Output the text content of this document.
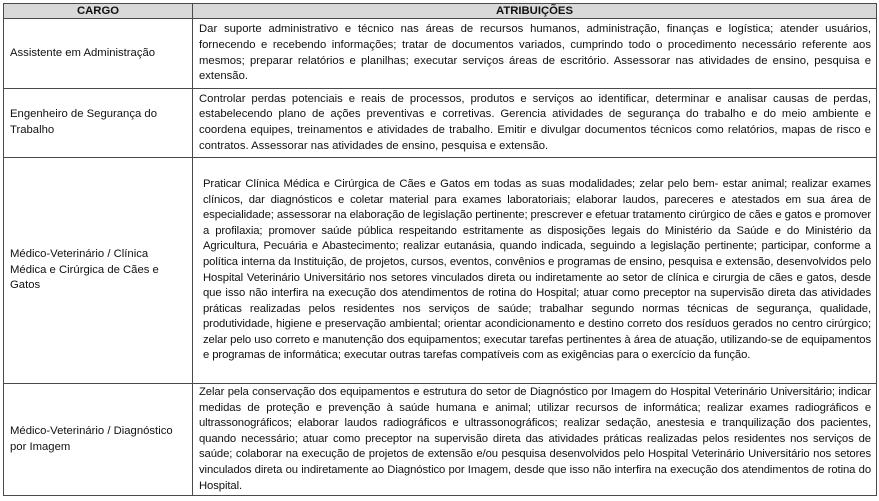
CARGO	ATRIBUIÇÕES
Assistente em Administração	Dar suporte administrativo e técnico nas áreas de recursos humanos, administração, finanças e logística; atender usuários, fornecendo e recebendo informações; tratar de documentos variados, cumprindo todo o procedimento necessário referente aos mesmos; preparar relatórios e planilhas; executar serviços áreas de escritório. Assessorar nas atividades de ensino, pesquisa e extensão.
Engenheiro de Segurança do Trabalho	Controlar perdas potenciais e reais de processos, produtos e serviços ao identificar, determinar e analisar causas de perdas, estabelecendo plano de ações preventivas e corretivas. Gerencia atividades de segurança do trabalho e do meio ambiente e coordena equipes, treinamentos e atividades de trabalho. Emitir e divulgar documentos técnicos como relatórios, mapas de risco e contratos. Assessorar nas atividades de ensino, pesquisa e extensão.
Médico-Veterinário / Clínica Médica e Cirúrgica de Cães e Gatos	Praticar Clínica Médica e Cirúrgica de Cães e Gatos em todas as suas modalidades; zelar pelo bem- estar animal; realizar exames clínicos, dar diagnósticos e coletar material para exames laboratoriais; elaborar laudos, pareceres e atestados em sua área de especialidade; assessorar na elaboração de legislação pertinente; prescrever e efetuar tratamento cirúrgico de cães e gatos e promover a profilaxia; promover saúde pública respeitando estritamente as disposições legais do Ministério da Saúde e do Ministério da Agricultura, Pecuária e Abastecimento; realizar eutanásia, quando indicada, seguindo a legislação pertinente; participar, conforme a política interna da Instituição, de projetos, cursos, eventos, convênios e programas de ensino, pesquisa e extensão, desenvolvidos pelo Hospital Veterinário Universitário nos setores vinculados direta ou indiretamente ao setor de clínica e cirurgia de cães e gatos, desde que isso não interfira na execução dos atendimentos de rotina do Hospital; atuar como preceptor na supervisão direta das atividades práticas realizadas pelos residentes nos serviços de saúde; trabalhar segundo normas técnicas de segurança, qualidade, produtividade, higiene e preservação ambiental; orientar acondicionamento e destino correto dos resíduos gerados no centro cirúrgico; zelar pelo uso correto e manutenção dos equipamentos; executar tarefas pertinentes à área de atuação, utilizando-se de equipamentos e programas de informática; executar outras tarefas compatíveis com as exigências para o exercício da função.
Médico-Veterinário / Diagnóstico por Imagem	Zelar pela conservação dos equipamentos e estrutura do setor de Diagnóstico por Imagem do Hospital Veterinário Universitário; indicar medidas de proteção e prevenção à saúde humana e animal; utilizar recursos de informática; realizar exames radiográficos e ultrassonográficos; elaborar laudos radiográficos e ultrassonográficos; realizar sedação, anestesia e tranquilização dos pacientes, quando necessário; atuar como preceptor na supervisão direta das atividades práticas realizadas pelos residentes nos serviços de saúde; colaborar na execução de projetos de extensão e/ou pesquisa desenvolvidos pelo Hospital Veterinário Universitário nos setores vinculados direta ou indiretamente ao Diagnóstico por Imagem, desde que isso não interfira na execução dos atendimentos de rotina do Hospital.
